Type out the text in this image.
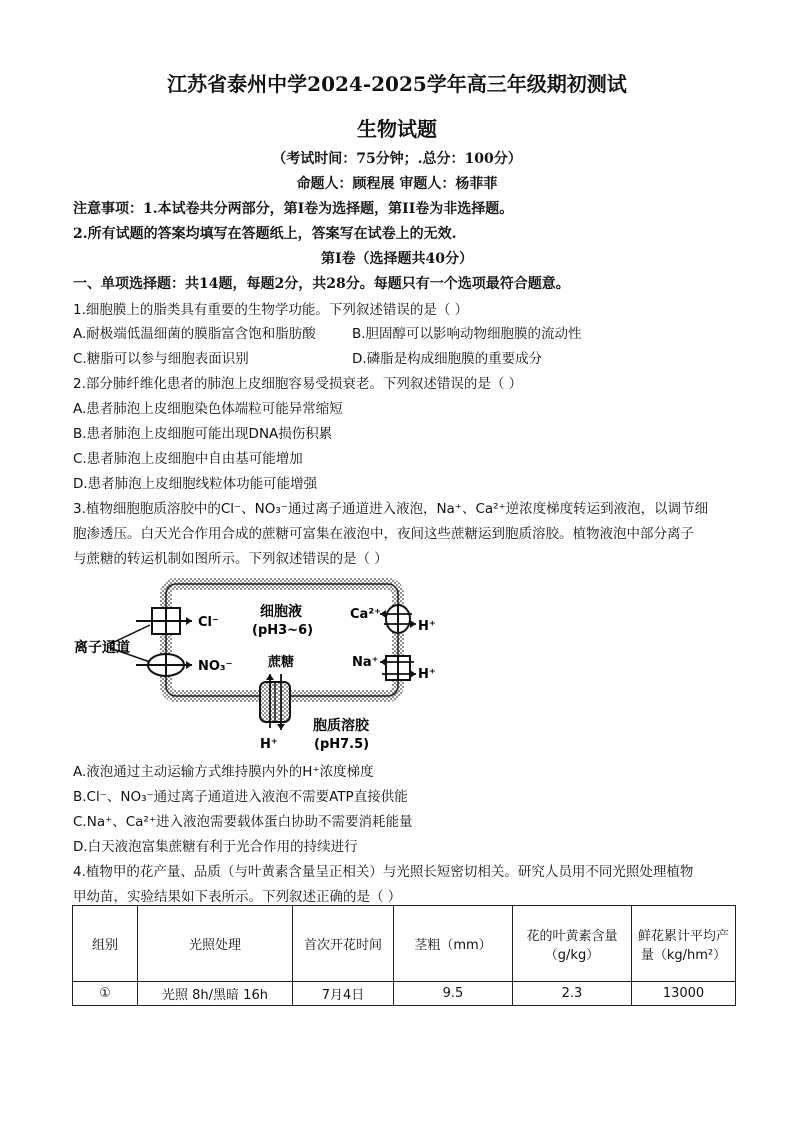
江苏省泰州中学2024-2025学年高三年级期初测试
生物试题
（考试时间：75分钟；.总分：100分）
命题人：顾程展 审题人：杨菲菲
注意事项：1.本试卷共分两部分，第I卷为选择题，第II卷为非选择题。
2.所有试题的答案均填写在答题纸上，答案写在试卷上的无效.
第I卷（选择题共40分）
一、单项选择题：共14题，每题2分，共28分。每题只有一个选项最符合题意。
1.细胞膜上的脂类具有重要的生物学功能。下列叙述错误的是（ ）
A.耐极端低温细菌的膜脂富含饱和脂肪酸	B.胆固醇可以影响动物细胞膜的流动性
C.糖脂可以参与细胞表面识别	D.磷脂是构成细胞膜的重要成分
2.部分肺纤维化患者的肺泡上皮细胞容易受损衰老。下列叙述错误的是（ ）
A.患者肺泡上皮细胞染色体端粒可能异常缩短
B.患者肺泡上皮细胞可能出现DNA损伤积累
C.患者肺泡上皮细胞中自由基可能增加
D.患者肺泡上皮细胞线粒体功能可能增强
3.植物细胞胞质溶胶中的Cl⁻、NO₃⁻通过离子通道进入液泡，Na⁺、Ca²⁺逆浓度梯度转运到液泡，以调节细
胞渗透压。白天光合作用合成的蔗糖可富集在液泡中，夜间这些蔗糖运到胞质溶胶。植物液泡中部分离子
与蔗糖的转运机制如图所示。下列叙述错误的是（ ）
Cl⁻
NO₃⁻
离子通道
细胞液
(pH3~6)
Ca²⁺
H⁺
Na⁺
H⁺
蔗糖
H⁺
胞质溶胶
(pH7.5)
A.液泡通过主动运输方式维持膜内外的H⁺浓度梯度
B.Cl⁻、NO₃⁻通过离子通道进入液泡不需要ATP直接供能
C.Na⁺、Ca²⁺进入液泡需要载体蛋白协助不需要消耗能量
D.白天液泡富集蔗糖有利于光合作用的持续进行
4.植物甲的花产量、品质（与叶黄素含量呈正相关）与光照长短密切相关。研究人员用不同光照处理植物
甲幼苗，实验结果如下表所示。下列叙述正确的是（ ）
组别	光照处理	首次开花时间	茎粗（mm）	花的叶黄素含量（g/kg）	鲜花累计平均产量（kg/hm²）
①	光照 8h/黑暗 16h	7月4日	9.5	2.3	13000
